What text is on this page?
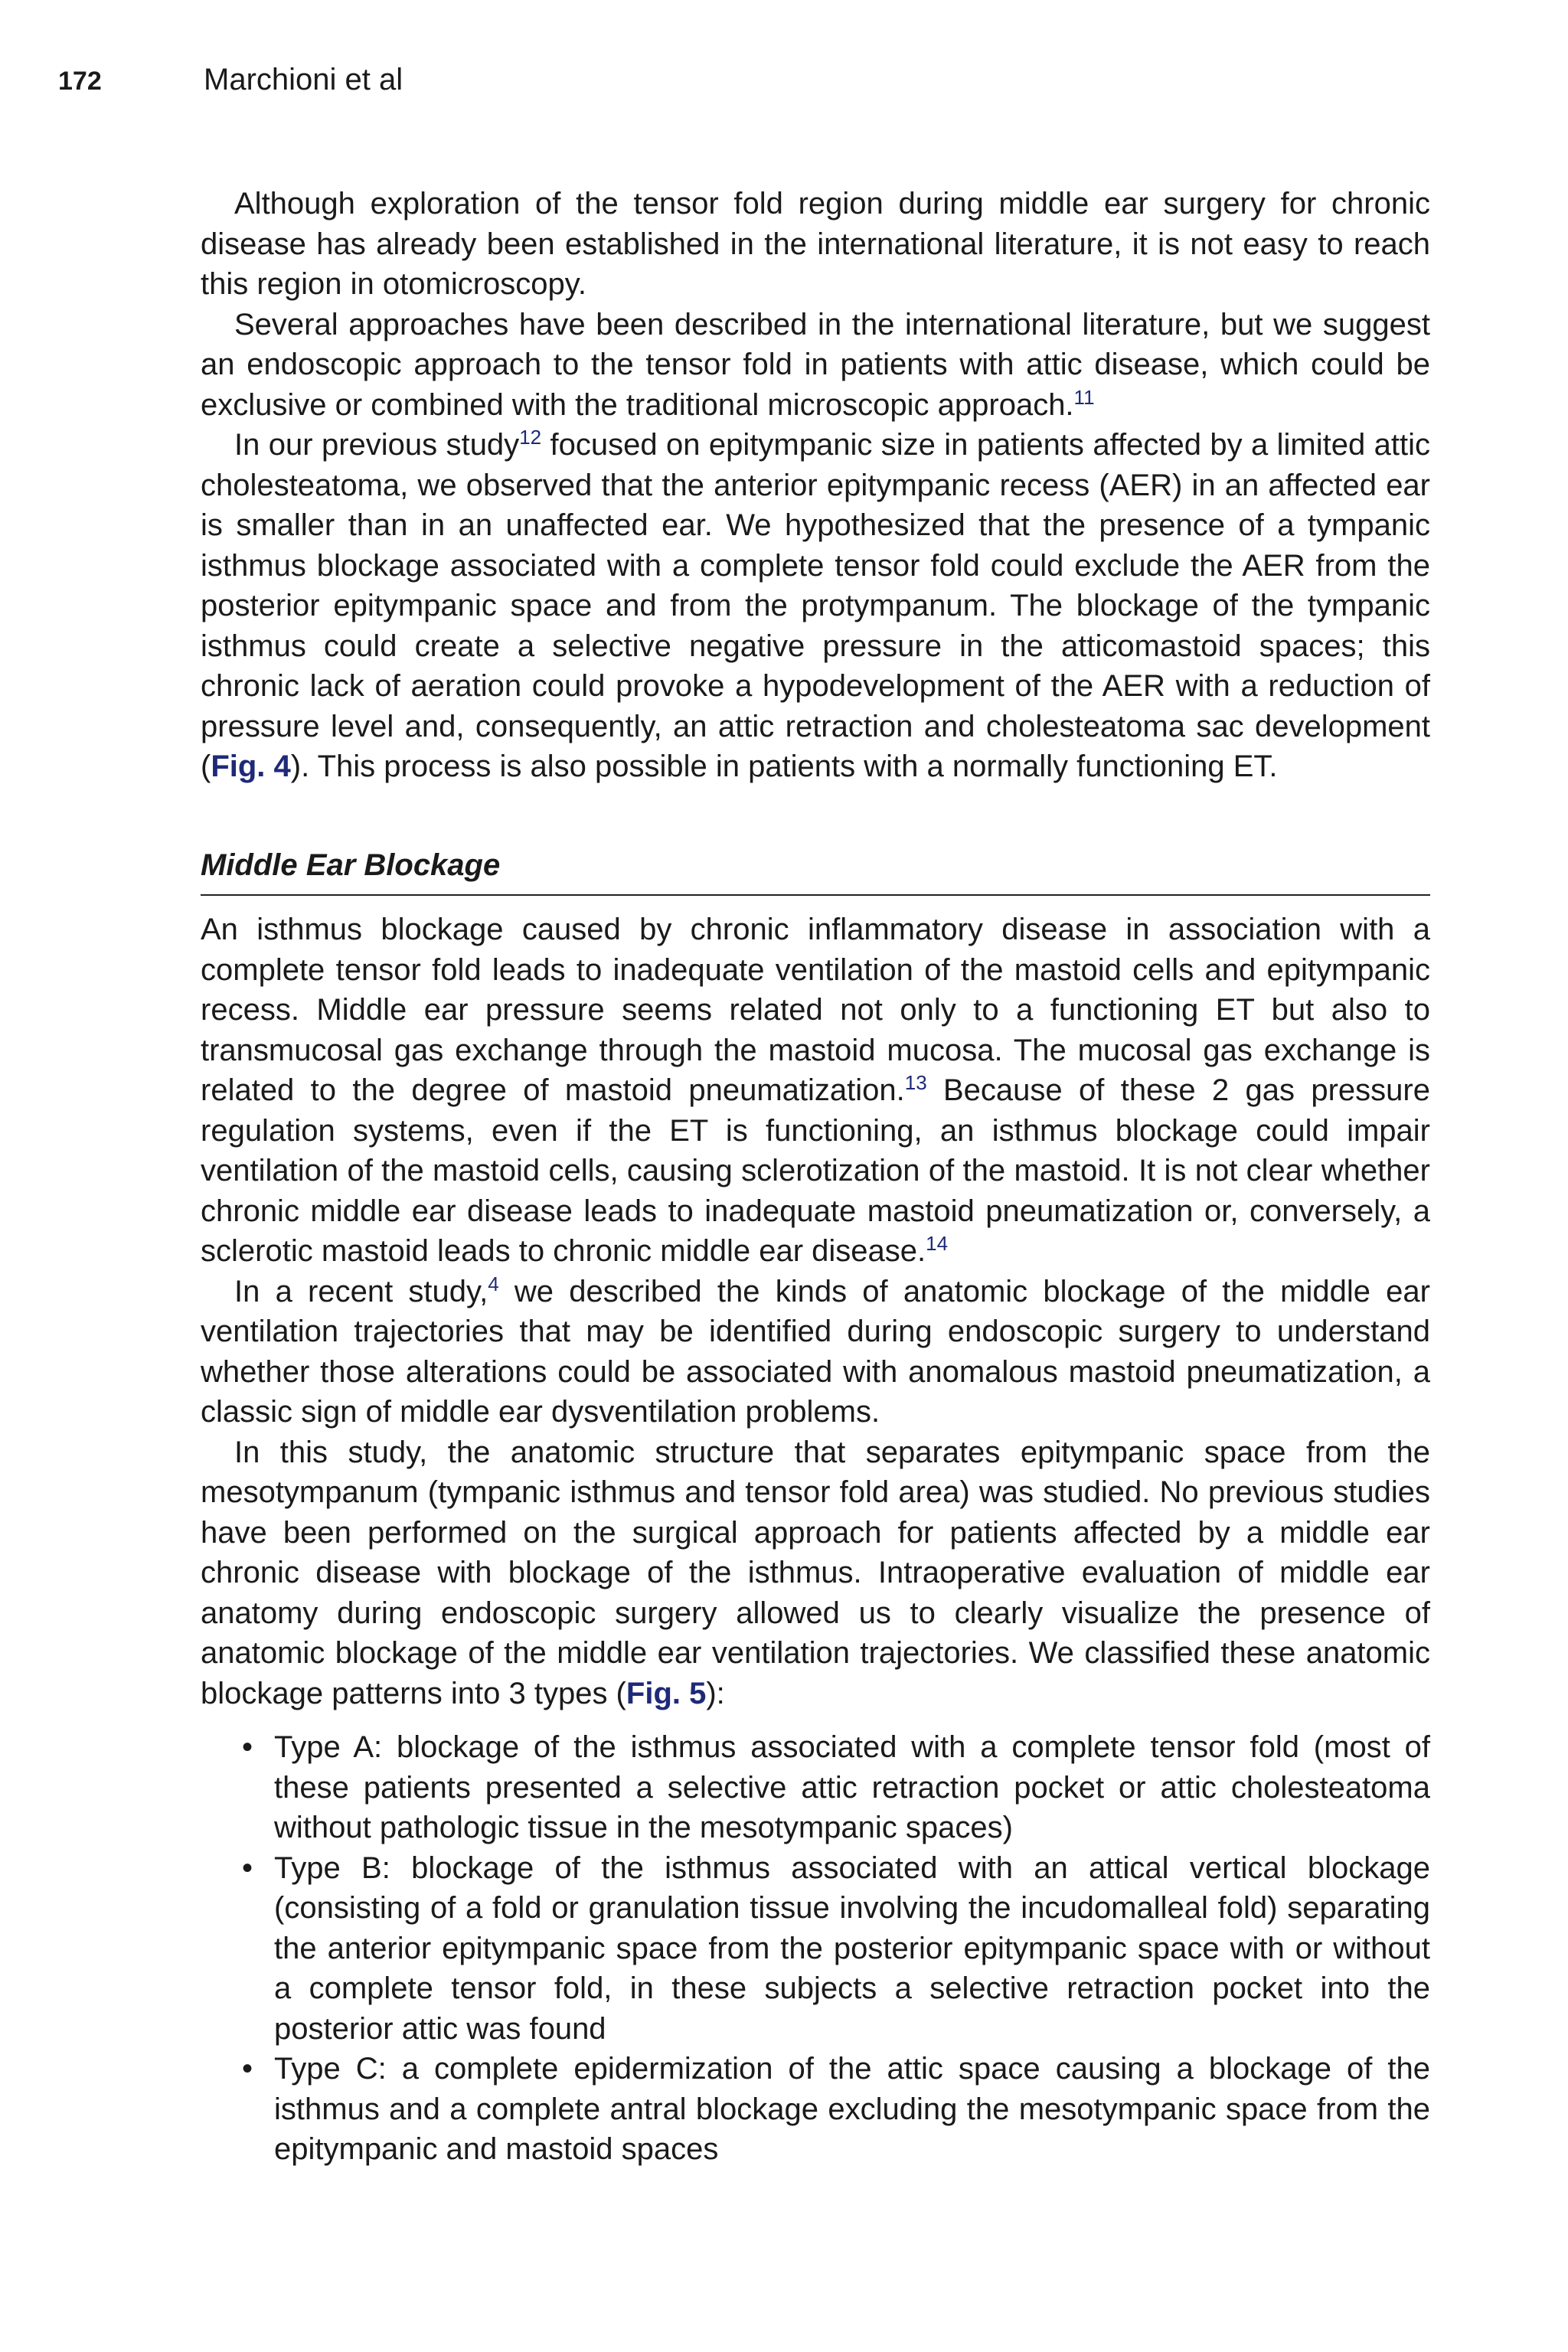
172	Marchioni et al

Although exploration of the tensor fold region during middle ear surgery for chronic disease has already been established in the international literature, it is not easy to reach this region in otomicroscopy.

Several approaches have been described in the international literature, but we suggest an endoscopic approach to the tensor fold in patients with attic disease, which could be exclusive or combined with the traditional microscopic approach.$^{11}$

In our previous study$^{12}$ focused on epitympanic size in patients affected by a limited attic cholesteatoma, we observed that the anterior epitympanic recess (AER) in an affected ear is smaller than in an unaffected ear. We hypothesized that the presence of a tympanic isthmus blockage associated with a complete tensor fold could exclude the AER from the posterior epitympanic space and from the protympanum. The blockage of the tympanic isthmus could create a selective negative pressure in the atticomastoid spaces; this chronic lack of aeration could provoke a hypodevelopment of the AER with a reduction of pressure level and, consequently, an attic retraction and cholesteatoma sac development (Fig. 4). This process is also possible in patients with a normally functioning ET.

Middle Ear Blockage

An isthmus blockage caused by chronic inflammatory disease in association with a complete tensor fold leads to inadequate ventilation of the mastoid cells and epitympanic recess. Middle ear pressure seems related not only to a functioning ET but also to transmucosal gas exchange through the mastoid mucosa. The mucosal gas exchange is related to the degree of mastoid pneumatization.$^{13}$ Because of these 2 gas pressure regulation systems, even if the ET is functioning, an isthmus blockage could impair ventilation of the mastoid cells, causing sclerotization of the mastoid. It is not clear whether chronic middle ear disease leads to inadequate mastoid pneumatization or, conversely, a sclerotic mastoid leads to chronic middle ear disease.$^{14}$

In a recent study,$^4$ we described the kinds of anatomic blockage of the middle ear ventilation trajectories that may be identified during endoscopic surgery to understand whether those alterations could be associated with anomalous mastoid pneumatization, a classic sign of middle ear dysventilation problems.

In this study, the anatomic structure that separates epitympanic space from the mesotympanum (tympanic isthmus and tensor fold area) was studied. No previous studies have been performed on the surgical approach for patients affected by a middle ear chronic disease with blockage of the isthmus. Intraoperative evaluation of middle ear anatomy during endoscopic surgery allowed us to clearly visualize the presence of anatomic blockage of the middle ear ventilation trajectories. We classified these anatomic blockage patterns into 3 types (Fig. 5):

• Type A: blockage of the isthmus associated with a complete tensor fold (most of these patients presented a selective attic retraction pocket or attic cholesteatoma without pathologic tissue in the mesotympanic spaces)
• Type B: blockage of the isthmus associated with an attical vertical blockage (consisting of a fold or granulation tissue involving the incudomalleal fold) separating the anterior epitympanic space from the posterior epitympanic space with or without a complete tensor fold, in these subjects a selective retraction pocket into the posterior attic was found
• Type C: a complete epidermization of the attic space causing a blockage of the isthmus and a complete antral blockage excluding the mesotympanic space from the epitympanic and mastoid spaces
